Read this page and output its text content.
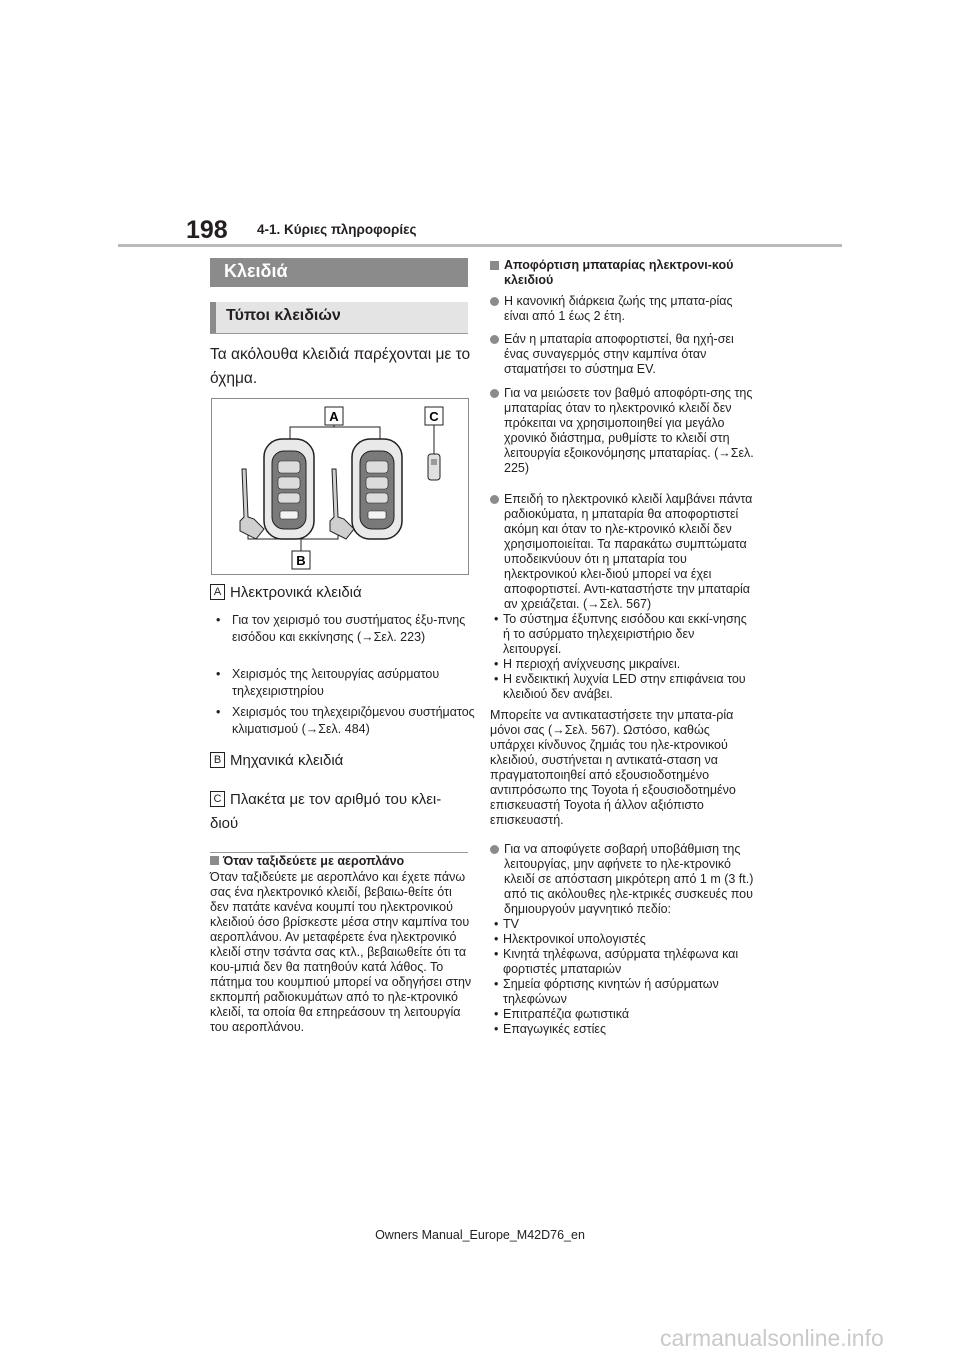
198 4-1. Κύριες πληροφορίες
Κλειδιά
Τύποι κλειδιών
Τα ακόλουθα κλειδιά παρέχονται με το όχημα.
A	C
B
A Ηλεκτρονικά κλειδιά
• Για τον χειρισμό του συστήματος έξυ-πνης εισόδου και εκκίνησης (→Σελ. 223)
• Χειρισμός της λειτουργίας ασύρματου τηλεχειριστηρίου
• Χειρισμός του τηλεχειριζόμενου συστήματος κλιματισμού (→Σελ. 484)
B Μηχανικά κλειδιά
C Πλακέτα με τον αριθμό του κλει-διού
Όταν ταξιδεύετε με αεροπλάνο
Όταν ταξιδεύετε με αεροπλάνο και έχετε πάνω σας ένα ηλεκτρονικό κλειδί, βεβαιω-θείτε ότι δεν πατάτε κανένα κουμπί του ηλεκτρονικού κλειδιού όσο βρίσκεστε μέσα στην καμπίνα του αεροπλάνου. Αν μεταφέρετε ένα ηλεκτρονικό κλειδί στην τσάντα σας κτλ., βεβαιωθείτε ότι τα κου-μπιά δεν θα πατηθούν κατά λάθος. Το πάτημα του κουμπιού μπορεί να οδηγήσει στην εκπομπή ραδιοκυμάτων από το ηλε-κτρονικό κλειδί, τα οποία θα επηρεάσουν τη λειτουργία του αεροπλάνου.
Αποφόρτιση μπαταρίας ηλεκτρονι-κού κλειδιού
Η κανονική διάρκεια ζωής της μπατα-ρίας είναι από 1 έως 2 έτη.
Εάν η μπαταρία αποφορτιστεί, θα ηχή-σει ένας συναγερμός στην καμπίνα όταν σταματήσει το σύστημα EV.
Για να μειώσετε τον βαθμό αποφόρτι-σης της μπαταρίας όταν το ηλεκτρονικό κλειδί δεν πρόκειται να χρησιμοποιηθεί για μεγάλο χρονικό διάστημα, ρυθμίστε το κλειδί στη λειτουργία εξοικονόμησης μπαταρίας. (→Σελ. 225)
Επειδή το ηλεκτρονικό κλειδί λαμβάνει πάντα ραδιοκύματα, η μπαταρία θα αποφορτιστεί ακόμη και όταν το ηλε-κτρονικό κλειδί δεν χρησιμοποιείται. Τα παρακάτω συμπτώματα υποδεικνύουν ότι η μπαταρία του ηλεκτρονικού κλει-διού μπορεί να έχει αποφορτιστεί. Αντι-καταστήστε την μπαταρία αν χρειάζεται. (→Σελ. 567)
• Το σύστημα έξυπνης εισόδου και εκκί-νησης ή το ασύρματο τηλεχειριστήριο δεν λειτουργεί.
• Η περιοχή ανίχνευσης μικραίνει.
• Η ενδεικτική λυχνία LED στην επιφάνεια του κλειδιού δεν ανάβει.
Μπορείτε να αντικαταστήσετε την μπατα-ρία μόνοι σας (→Σελ. 567). Ωστόσο, καθώς υπάρχει κίνδυνος ζημιάς του ηλε-κτρονικού κλειδιού, συστήνεται η αντικατά-σταση να πραγματοποιηθεί από εξουσιοδοτημένο αντιπρόσωπο της Toyota ή εξουσιοδοτημένο επισκευαστή Toyota ή άλλον αξιόπιστο επισκευαστή.
Για να αποφύγετε σοβαρή υποβάθμιση της λειτουργίας, μην αφήνετε το ηλε-κτρονικό κλειδί σε απόσταση μικρότερη από 1 m (3 ft.) από τις ακόλουθες ηλε-κτρικές συσκευές που δημιουργούν μαγνητικό πεδίο:
• TV
• Ηλεκτρονικοί υπολογιστές
• Κινητά τηλέφωνα, ασύρματα τηλέφωνα και φορτιστές μπαταριών
• Σημεία φόρτισης κινητών ή ασύρματων τηλεφώνων
• Επιτραπέζια φωτιστικά
• Επαγωγικές εστίες
Owners Manual_Europe_M42D76_en
carmanualsonline.info
